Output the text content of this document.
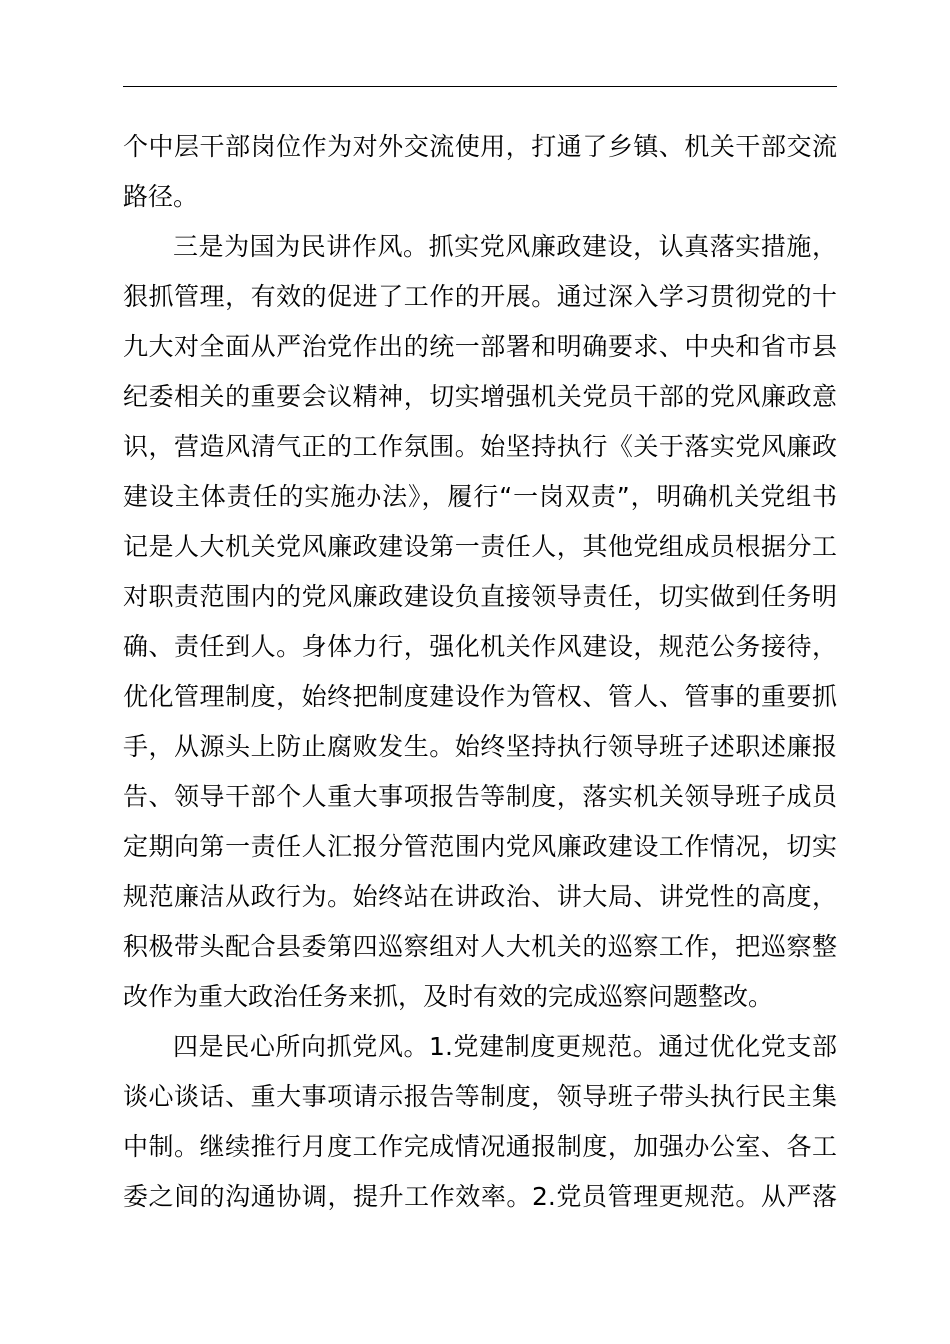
个中层干部岗位作为对外交流使用，打通了乡镇、机关干部交流
路径。
三是为国为民讲作风。抓实党风廉政建设，认真落实措施，
狠抓管理，有效的促进了工作的开展。通过深入学习贯彻党的十
九大对全面从严治党作出的统一部署和明确要求、中央和省市县
纪委相关的重要会议精神，切实增强机关党员干部的党风廉政意
识，营造风清气正的工作氛围。始坚持执行《关于落实党风廉政
建设主体责任的实施办法》，履行“一岗双责”，明确机关党组书
记是人大机关党风廉政建设第一责任人，其他党组成员根据分工
对职责范围内的党风廉政建设负直接领导责任，切实做到任务明
确、责任到人。身体力行，强化机关作风建设，规范公务接待，
优化管理制度，始终把制度建设作为管权、管人、管事的重要抓
手，从源头上防止腐败发生。始终坚持执行领导班子述职述廉报
告、领导干部个人重大事项报告等制度，落实机关领导班子成员
定期向第一责任人汇报分管范围内党风廉政建设工作情况，切实
规范廉洁从政行为。始终站在讲政治、讲大局、讲党性的高度，
积极带头配合县委第四巡察组对人大机关的巡察工作，把巡察整
改作为重大政治任务来抓，及时有效的完成巡察问题整改。
四是民心所向抓党风。1.党建制度更规范。通过优化党支部
谈心谈话、重大事项请示报告等制度，领导班子带头执行民主集
中制。继续推行月度工作完成情况通报制度，加强办公室、各工
委之间的沟通协调，提升工作效率。2.党员管理更规范。从严落
